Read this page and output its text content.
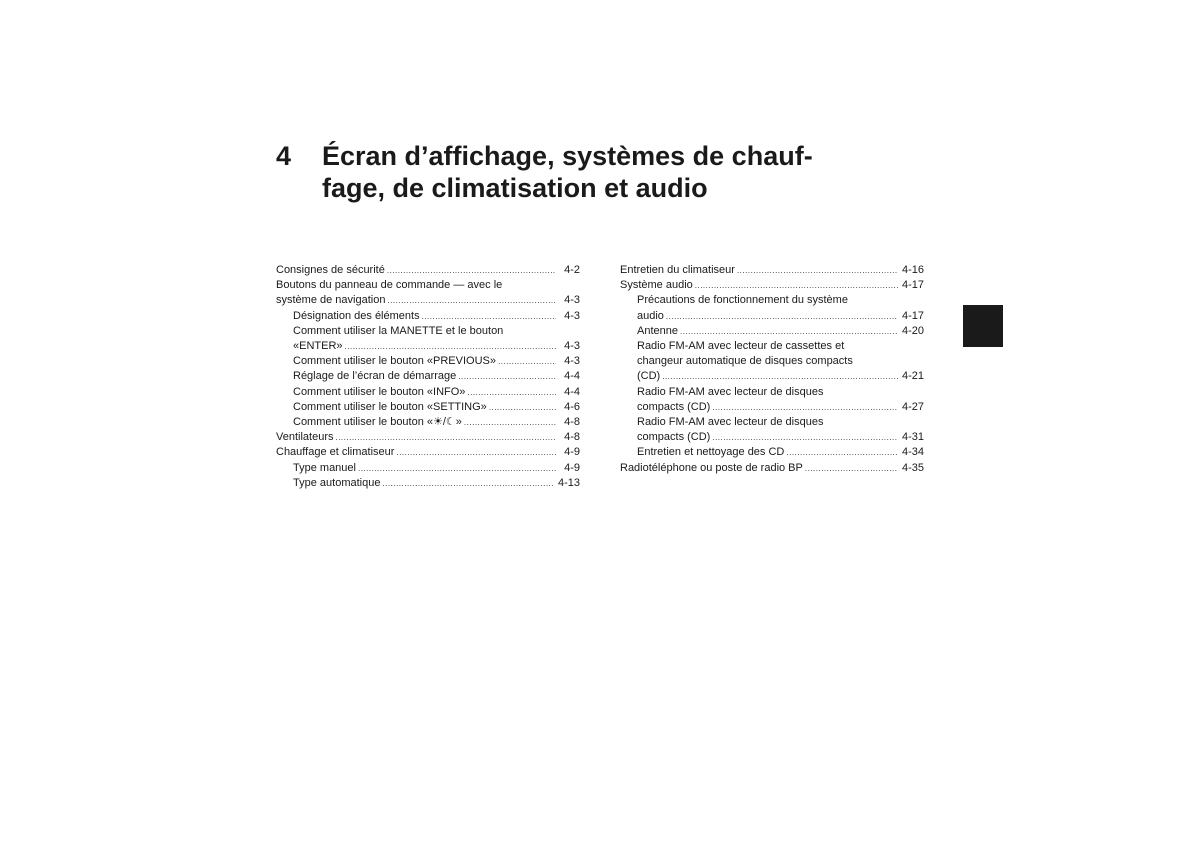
4	Écran d’affichage, systèmes de chauf-
fage, de climatisation et audio
Consignes de sécurité .....	4-2
Boutons du panneau de commande — avec le
système de navigation .....	4-3
Désignation des éléments .....	4-3
Comment utiliser la MANETTE et le bouton
«ENTER» .....	4-3
Comment utiliser le bouton «PREVIOUS» .....	4-3
Réglage de l’écran de démarrage .....	4-4
Comment utiliser le bouton «INFO» .....	4-4
Comment utiliser le bouton «SETTING» .....	4-6
Comment utiliser le bouton «☀/☾» .....	4-8
Ventilateurs .....	4-8
Chauffage et climatiseur .....	4-9
Type manuel .....	4-9
Type automatique .....	4-13
Entretien du climatiseur .....	4-16
Système audio .....	4-17
Précautions de fonctionnement du système
audio .....	4-17
Antenne .....	4-20
Radio FM-AM avec lecteur de cassettes et
changeur automatique de disques compacts
(CD) .....	4-21
Radio FM-AM avec lecteur de disques
compacts (CD) .....	4-27
Radio FM-AM avec lecteur de disques
compacts (CD) .....	4-31
Entretien et nettoyage des CD .....	4-34
Radiotéléphone ou poste de radio BP .....	4-35
